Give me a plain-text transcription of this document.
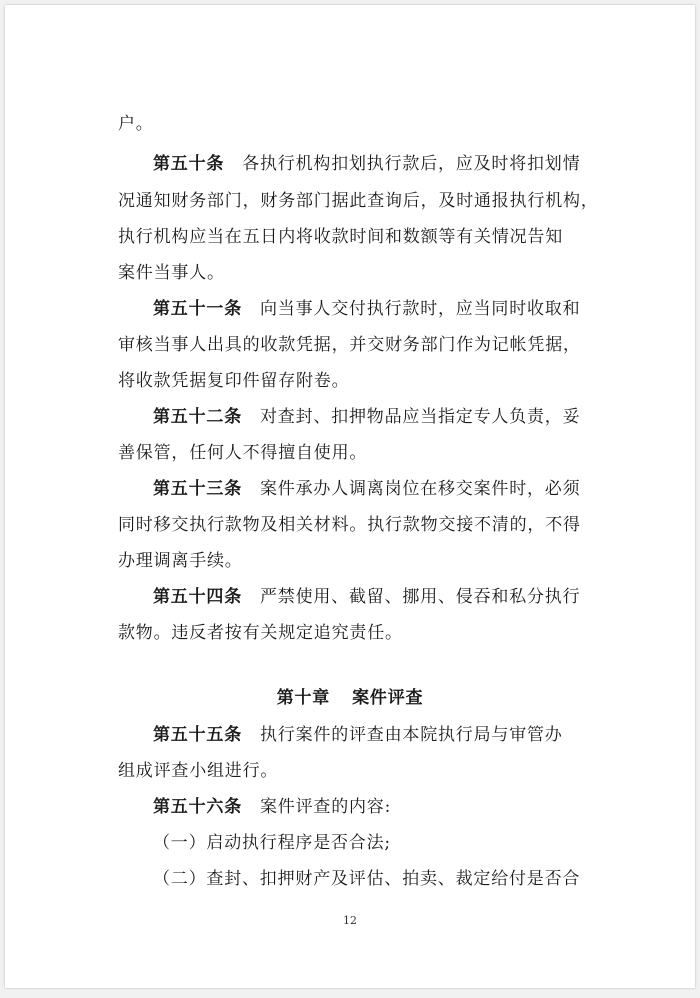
户。
第五十条 各执行机构扣划执行款后，应及时将扣划情
况通知财务部门，财务部门据此查询后，及时通报执行机构，
执行机构应当在五日内将收款时间和数额等有关情况告知
案件当事人。
第五十一条 向当事人交付执行款时，应当同时收取和
审核当事人出具的收款凭据，并交财务部门作为记帐凭据，
将收款凭据复印件留存附卷。
第五十二条 对查封、扣押物品应当指定专人负责，妥
善保管，任何人不得擅自使用。
第五十三条 案件承办人调离岗位在移交案件时，必须
同时移交执行款物及相关材料。执行款物交接不清的，不得
办理调离手续。
第五十四条 严禁使用、截留、挪用、侵吞和私分执行
款物。违反者按有关规定追究责任。
第十章 案件评查
第五十五条 执行案件的评查由本院执行局与审管办
组成评查小组进行。
第五十六条 案件评查的内容:
（一）启动执行程序是否合法;
（二）查封、扣押财产及评估、拍卖、裁定给付是否合
12
